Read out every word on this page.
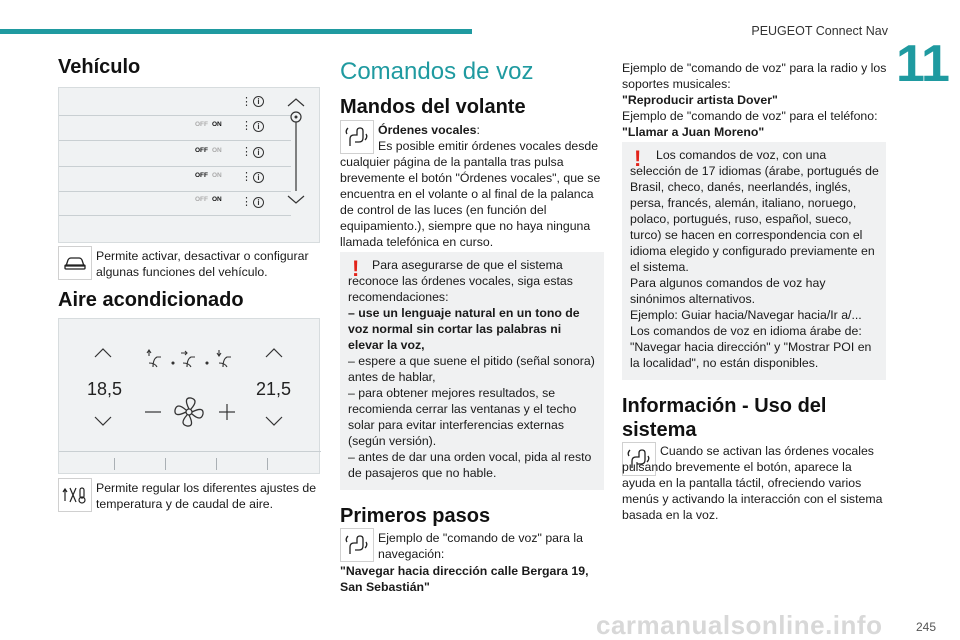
PEUGEOT Connect Nav
11
Vehículo
⋮ i
OFF ON ⋮ i
OFF ON ⋮ i
OFF ON ⋮ i
OFF ON ⋮ i
Permite activar, desactivar o configurar algunas funciones del vehículo.
Aire acondicionado
18,5	21,5
Permite regular los diferentes ajustes de temperatura y de caudal de aire.
Comandos de voz
Mandos del volante
Órdenes vocales:
Es posible emitir órdenes vocales desde cualquier página de la pantalla tras pulsa brevemente el botón "Órdenes vocales", que se encuentra en el volante o al final de la palanca de control de las luces (en función del equipamiento.), siempre que no haya ninguna llamada telefónica en curso.
!	Para asegurarse de que el sistema reconoce las órdenes vocales, siga estas recomendaciones:
– use un lenguaje natural en un tono de voz normal sin cortar las palabras ni elevar la voz,
– espere a que suene el pitido (señal sonora) antes de hablar,
– para obtener mejores resultados, se recomienda cerrar las ventanas y el techo solar para evitar interferencias externas (según versión).
– antes de dar una orden vocal, pida al resto de pasajeros que no hable.
Primeros pasos
Ejemplo de "comando de voz" para la navegación:
"Navegar hacia dirección calle Bergara 19, San Sebastián"
Ejemplo de "comando de voz" para la radio y los soportes musicales:
"Reproducir artista Dover"
Ejemplo de "comando de voz" para el teléfono:
"Llamar a Juan Moreno"
!	Los comandos de voz, con una selección de 17 idiomas (árabe, portugués de Brasil, checo, danés, neerlandés, inglés, persa, francés, alemán, italiano, noruego, polaco, portugués, ruso, español, sueco, turco) se hacen en correspondencia con el idioma elegido y configurado previamente en el sistema.
Para algunos comandos de voz hay sinónimos alternativos.
Ejemplo: Guiar hacia/Navegar hacia/Ir a/...
Los comandos de voz en idioma árabe de: "Navegar hacia dirección" y "Mostrar POI en la localidad", no están disponibles.
Información - Uso del sistema
Cuando se activan las órdenes vocales pulsando brevemente el botón, aparece la ayuda en la pantalla táctil, ofreciendo varios menús y activando la interacción con el sistema basada en la voz.
carmanualsonline.info	245
